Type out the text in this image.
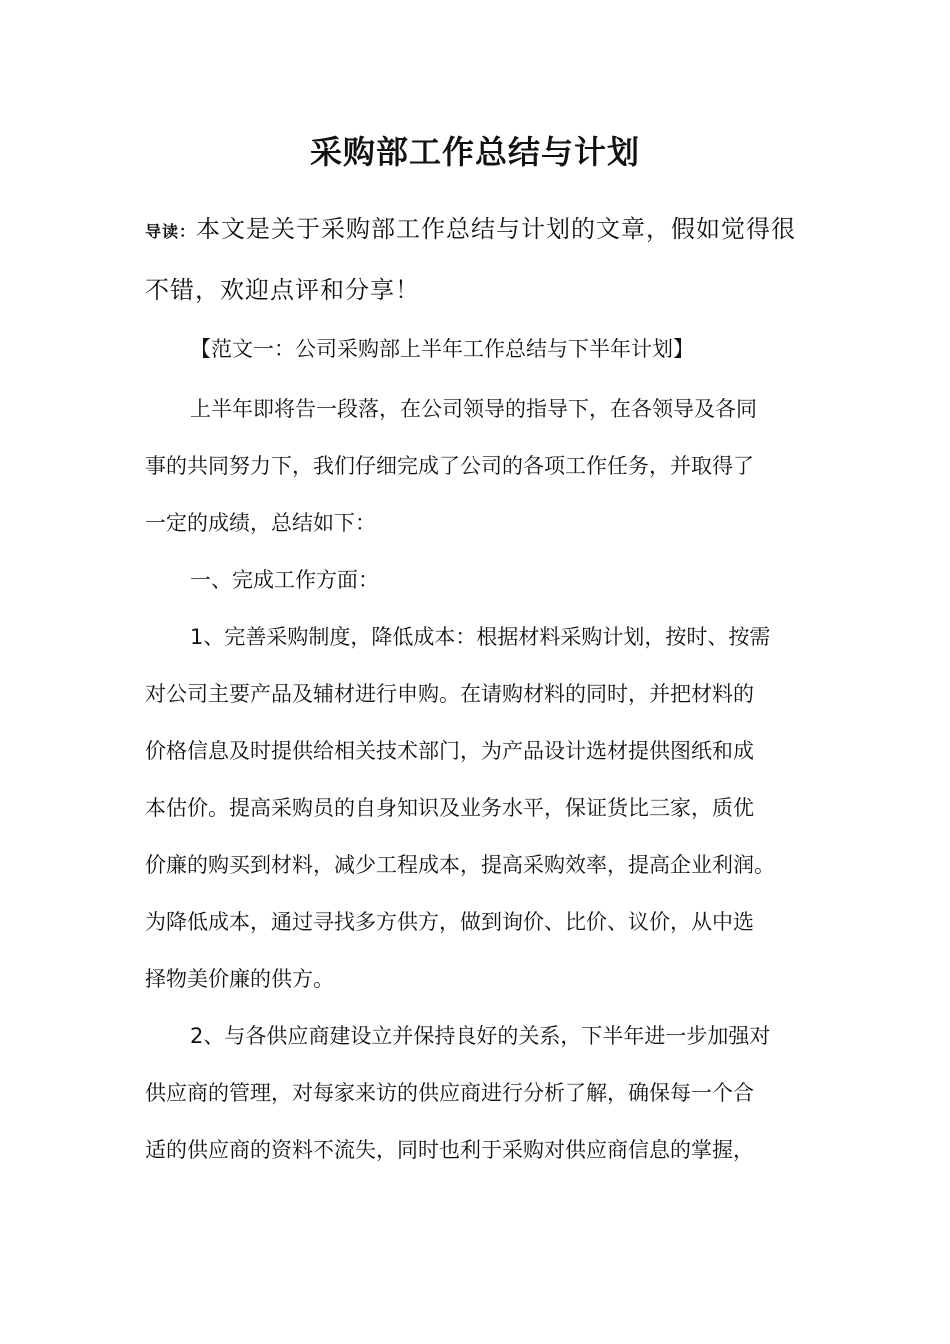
采购部工作总结与计划
导读：本文是关于采购部工作总结与计划的文章，假如觉得很不错，欢迎点评和分享！
【范文一：公司采购部上半年工作总结与下半年计划】
上半年即将告一段落，在公司领导的指导下，在各领导及各同
事的共同努力下，我们仔细完成了公司的各项工作任务，并取得了
一定的成绩，总结如下：
一、完成工作方面：
1、完善采购制度，降低成本：根据材料采购计划，按时、按需
对公司主要产品及辅材进行申购。在请购材料的同时，并把材料的
价格信息及时提供给相关技术部门，为产品设计选材提供图纸和成
本估价。提高采购员的自身知识及业务水平，保证货比三家，质优
价廉的购买到材料，减少工程成本，提高采购效率，提高企业利润。
为降低成本，通过寻找多方供方，做到询价、比价、议价，从中选
择物美价廉的供方。
2、与各供应商建设立并保持良好的关系，下半年进一步加强对
供应商的管理，对每家来访的供应商进行分析了解，确保每一个合
适的供应商的资料不流失，同时也利于采购对供应商信息的掌握，
